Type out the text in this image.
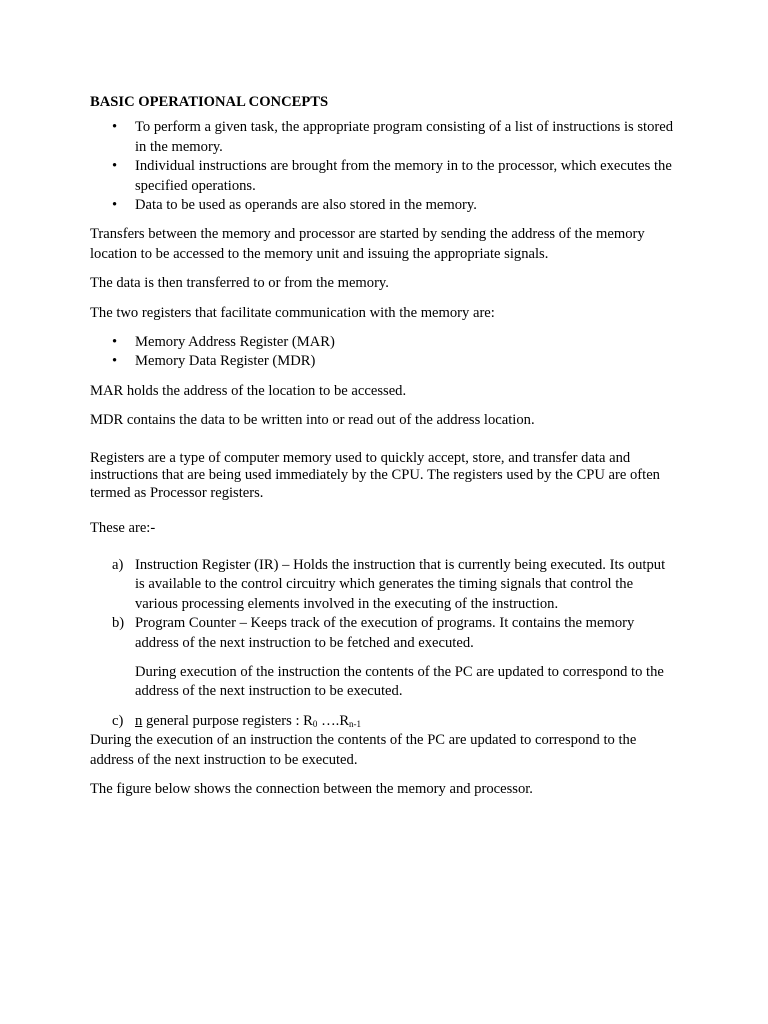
BASIC OPERATIONAL CONCEPTS

• To perform a given task, the appropriate program consisting of a list of instructions is stored in the memory.
• Individual instructions are brought from the memory in to the processor, which executes the specified operations.
• Data to be used as operands are also stored in the memory.

Transfers between the memory and processor are started by sending the address of the memory location to be accessed to the memory unit and issuing the appropriate signals.

The data is then transferred to or from the memory.

The two registers that facilitate communication with the memory are:

• Memory Address Register (MAR)
• Memory Data Register (MDR)

MAR holds the address of the location to be accessed.

MDR contains the data to be written into or read out of the address location.

Registers are a type of computer memory used to quickly accept, store, and transfer data and instructions that are being used immediately by the CPU. The registers used by the CPU are often termed as Processor registers.

These are:-

a) Instruction Register (IR) – Holds the instruction that is currently being executed. Its output is available to the control circuitry which generates the timing signals that control the various processing elements involved in the executing of the instruction.
b) Program Counter – Keeps track of the execution of programs. It contains the memory address of the next instruction to be fetched and executed.

During execution of the instruction the contents of the PC are updated to correspond to the address of the next instruction to be executed.

c) n general purpose registers : $R_0$ $\dots.R_{n-1}$

During the execution of an instruction the contents of the PC are updated to correspond to the address of the next instruction to be executed.

The figure below shows the connection between the memory and processor.
